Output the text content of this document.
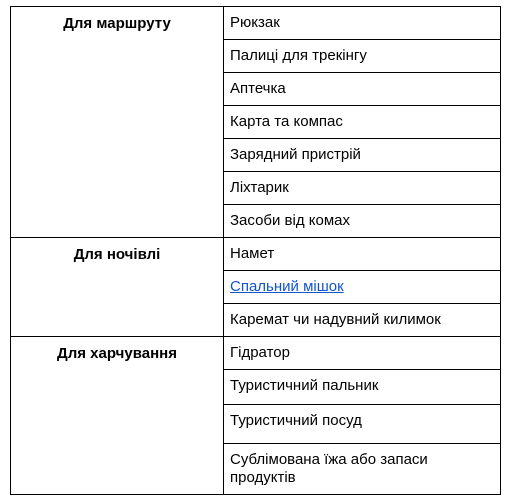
Для маршруту	Рюкзак
	Палиці для трекінгу
	Аптечка
	Карта та компас
	Зарядний пристрій
	Ліхтарик
	Засоби від комах
Для ночівлі	Намет
	Спальний мішок
	Каремат чи надувний килимок
Для харчування	Гідратор
	Туристичний пальник
	Туристичний посуд
	Сублімована їжа або запаси продуктів
